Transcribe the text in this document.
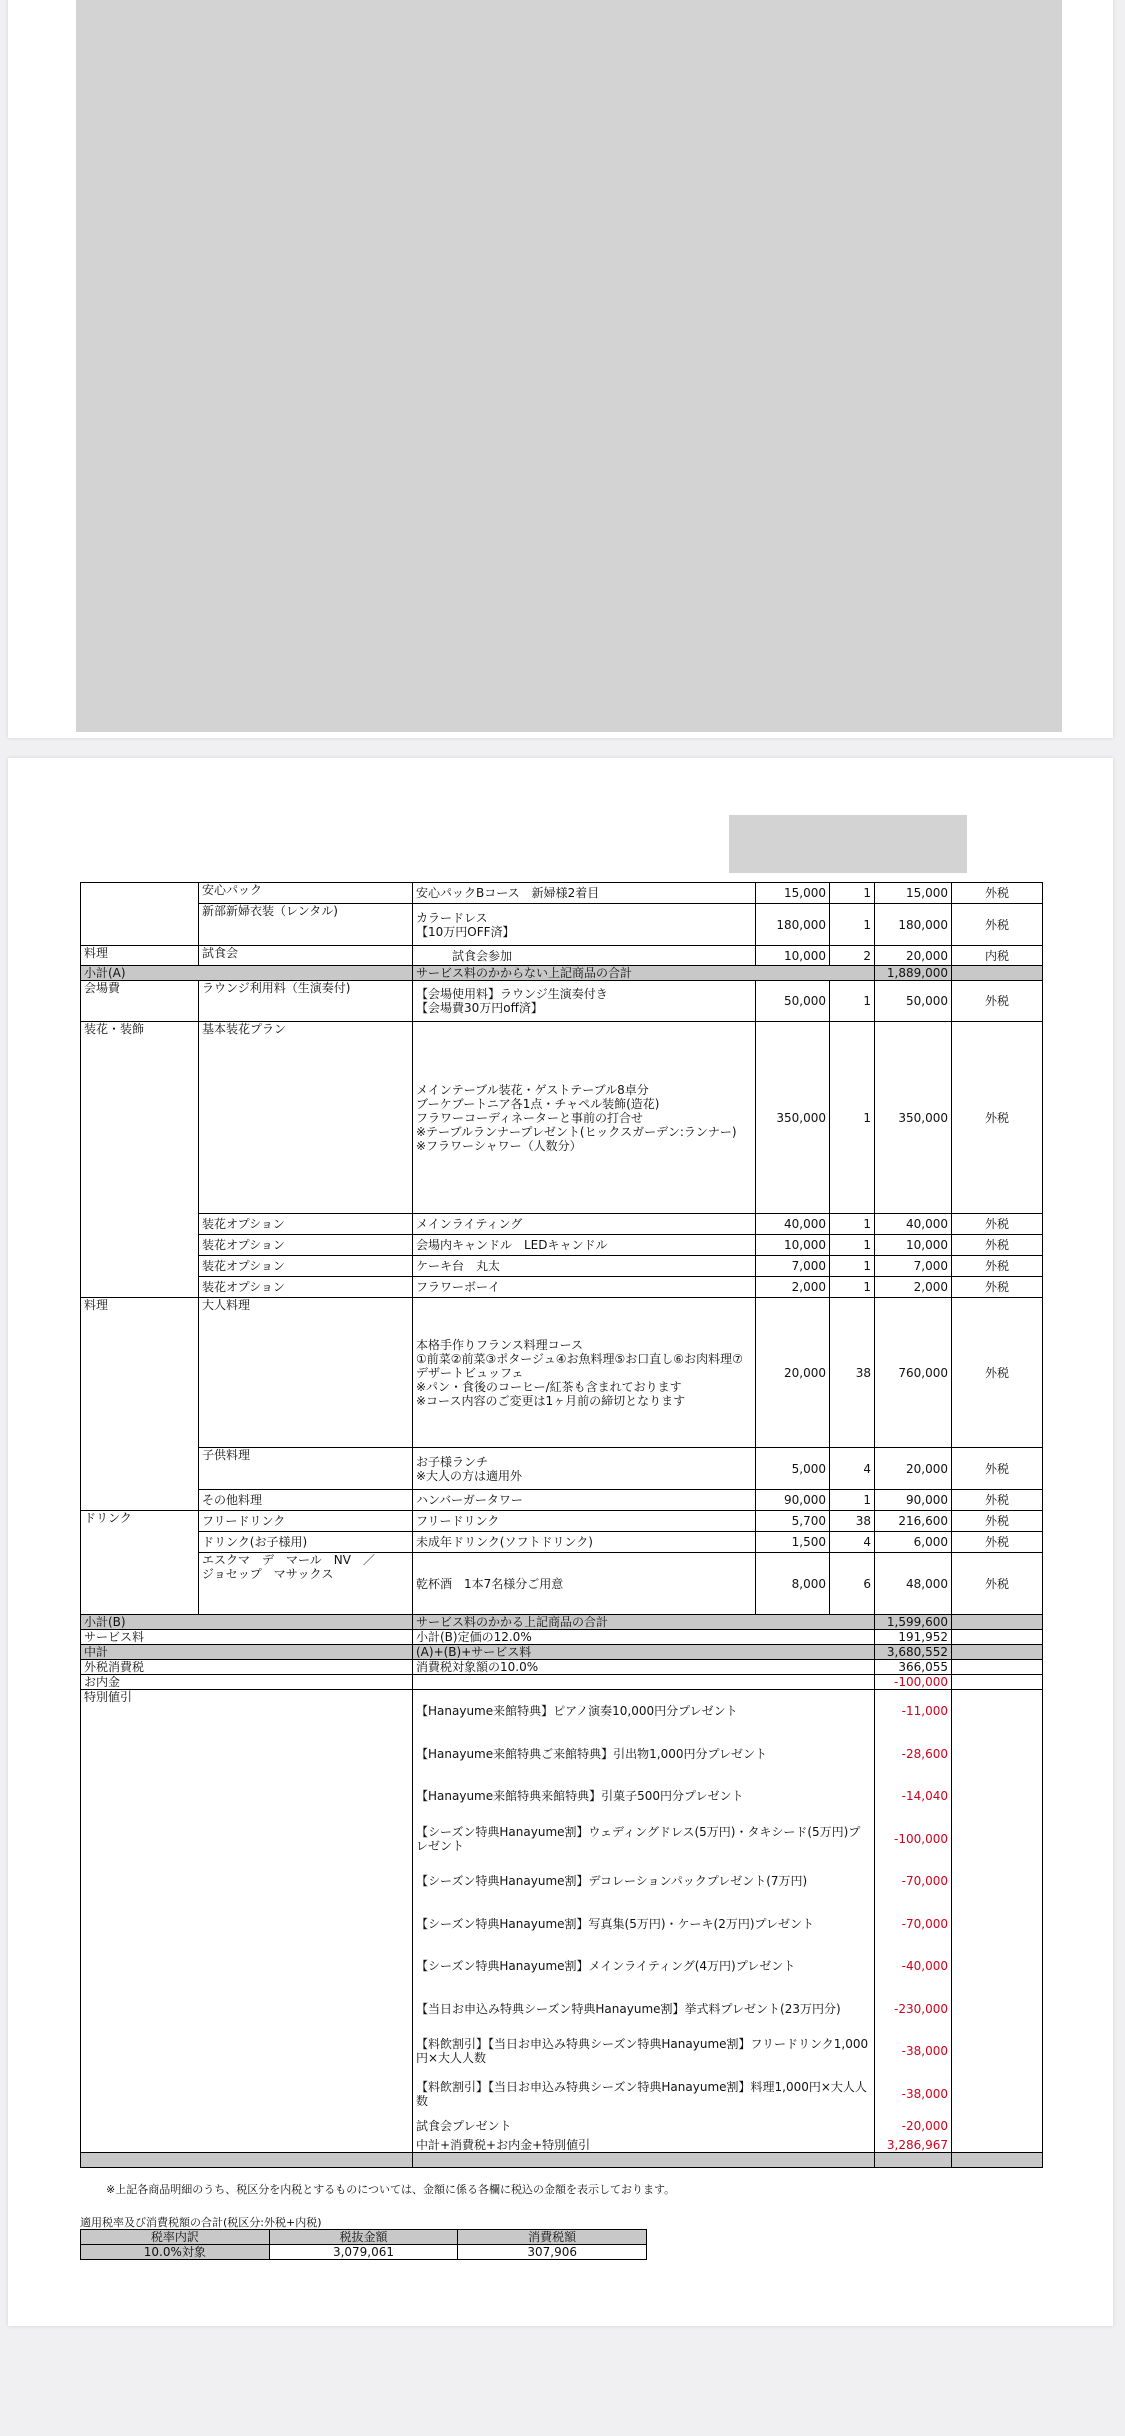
	安心パック	安心パックBコース　新婦様2着目	15,000	1	15,000	外税
	新部新婦衣装（レンタル)	カラードレス
【10万円OFF済】	180,000	1	180,000	外税
料理	試食会	　　　試食会参加	10,000	2	20,000	内税
小計(A)		サービス料のかからない上記商品の合計			1,889,000	
会場費	ラウンジ利用料（生演奏付)	【会場使用料】ラウンジ生演奏付き
【会場費30万円off済】	50,000	1	50,000	外税
装花・装飾	基本装花プラン	メインテーブル装花・ゲストテーブル8卓分
ブーケブートニア各1点・チャペル装飾(造花)
フラワーコーディネーターと事前の打合せ
※テーブルランナープレゼント(ヒックスガーデン:ランナー)
※フラワーシャワー（人数分）	350,000	1	350,000	外税
	装花オプション	メインライティング	40,000	1	40,000	外税
	装花オプション	会場内キャンドル　LEDキャンドル	10,000	1	10,000	外税
	装花オプション	ケーキ台　丸太	7,000	1	7,000	外税
	装花オプション	フラワーボーイ	2,000	1	2,000	外税
料理	大人料理	本格手作りフランス料理コース
①前菜②前菜③ポタージュ④お魚料理⑤お口直し⑥お肉料理⑦デザートビュッフェ
※パン・食後のコーヒー/紅茶も含まれております
※コース内容のご変更は1ヶ月前の締切となります	20,000	38	760,000	外税
	子供料理	お子様ランチ
※大人の方は適用外	5,000	4	20,000	外税
	その他料理	ハンバーガータワー	90,000	1	90,000	外税
ドリンク	フリードリンク	フリードリンク	5,700	38	216,600	外税
	ドリンク(お子様用)	未成年ドリンク(ソフトドリンク)	1,500	4	6,000	外税
	エスクマ　デ　マール　NV　／
ジョセップ　マサックス	乾杯酒　1本7名様分ご用意	8,000	6	48,000	外税
小計(B)		サービス料のかかる上記商品の合計			1,599,600	
サービス料		小計(B)定価の12.0%			191,952	
中計		(A)+(B)+サービス料			3,680,552	
外税消費税		消費税対象額の10.0%			366,055	
お内金					-100,000	
特別値引		【Hanayume来館特典】ピアノ演奏10,000円分プレゼント			-11,000	
		【Hanayume来館特典ご来館特典】引出物1,000円分プレゼント			-28,600	
		【Hanayume来館特典来館特典】引菓子500円分プレゼント			-14,040	
		【シーズン特典Hanayume割】ウェディングドレス(5万円)・タキシード(5万円)プレゼント			-100,000	
		【シーズン特典Hanayume割】デコレーションパックプレゼント(7万円)			-70,000	
		【シーズン特典Hanayume割】写真集(5万円)・ケーキ(2万円)プレゼント			-70,000	
		【シーズン特典Hanayume割】メインライティング(4万円)プレゼント			-40,000	
		【当日お申込み特典シーズン特典Hanayume割】挙式料プレゼント(23万円分)			-230,000	
		【料飲割引】【当日お申込み特典シーズン特典Hanayume割】フリードリンク1,000円×大人人数			-38,000	
		【料飲割引】【当日お申込み特典シーズン特典Hanayume割】料理1,000円×大人人数			-38,000	
		試食会プレゼント			-20,000	
		中計+消費税+お内金+特別値引			3,286,967	

※上記各商品明細のうち、税区分を内税とするものについては、金額に係る各欄に税込の金額を表示しております。
適用税率及び消費税額の合計(税区分:外税+内税)
税率内訳	税抜金額	消費税額
10.0%対象	3,079,061	307,906
